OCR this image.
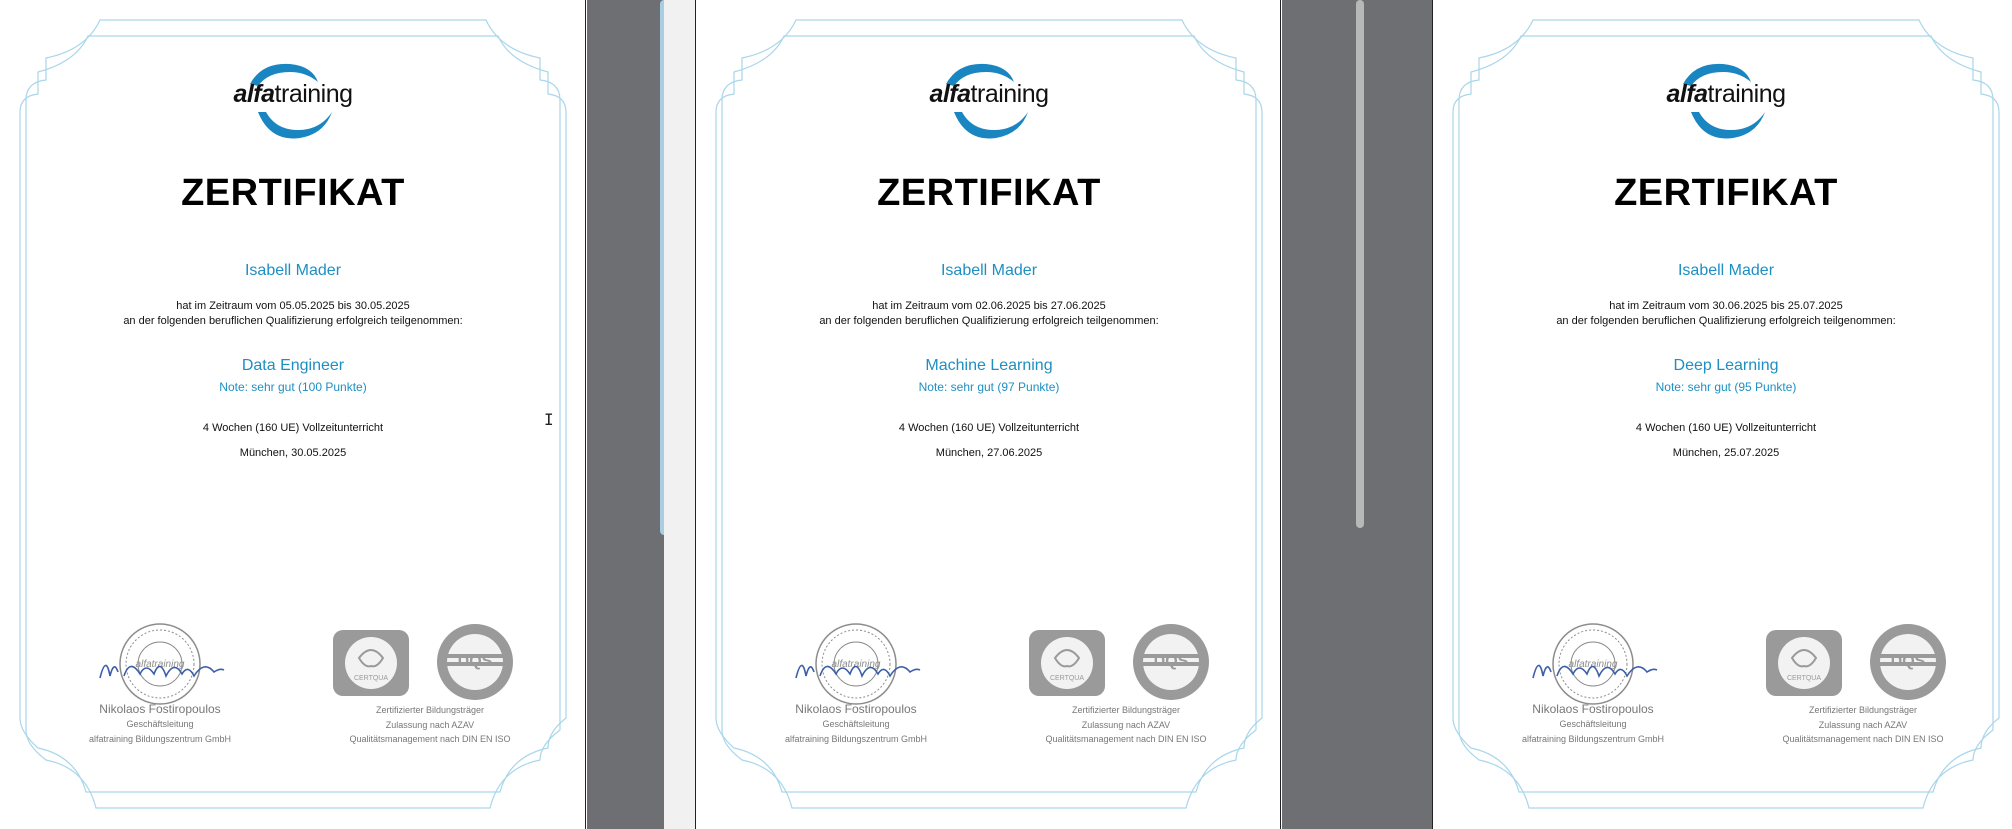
alfatraining
ZERTIFIKAT
Isabell Mader
hat im Zeitraum vom 05.05.2025 bis 30.05.2025
an der folgenden beruflichen Qualifizierung erfolgreich teilgenommen:
Data Engineer
Note: sehr gut (100 Punkte)
4 Wochen (160 UE) Vollzeitunterricht
München, 30.05.2025
alfatraining
Nikolaos Fostiropoulos
Geschäftsleitung
alfatraining Bildungszentrum GmbH
CERTQUA
DQS
Zertifizierter Bildungsträger
Zulassung nach AZAV
Qualitätsmanagement nach DIN EN ISO
alfatraining
ZERTIFIKAT
Isabell Mader
hat im Zeitraum vom 02.06.2025 bis 27.06.2025
an der folgenden beruflichen Qualifizierung erfolgreich teilgenommen:
Machine Learning
Note: sehr gut (97 Punkte)
4 Wochen (160 UE) Vollzeitunterricht
München, 27.06.2025
alfatraining
Nikolaos Fostiropoulos
Geschäftsleitung
alfatraining Bildungszentrum GmbH
CERTQUA
DQS
Zertifizierter Bildungsträger
Zulassung nach AZAV
Qualitätsmanagement nach DIN EN ISO
alfatraining
ZERTIFIKAT
Isabell Mader
hat im Zeitraum vom 30.06.2025 bis 25.07.2025
an der folgenden beruflichen Qualifizierung erfolgreich teilgenommen:
Deep Learning
Note: sehr gut (95 Punkte)
4 Wochen (160 UE) Vollzeitunterricht
München, 25.07.2025
alfatraining
Nikolaos Fostiropoulos
Geschäftsleitung
alfatraining Bildungszentrum GmbH
CERTQUA
DQS
Zertifizierter Bildungsträger
Zulassung nach AZAV
Qualitätsmanagement nach DIN EN ISO
I
